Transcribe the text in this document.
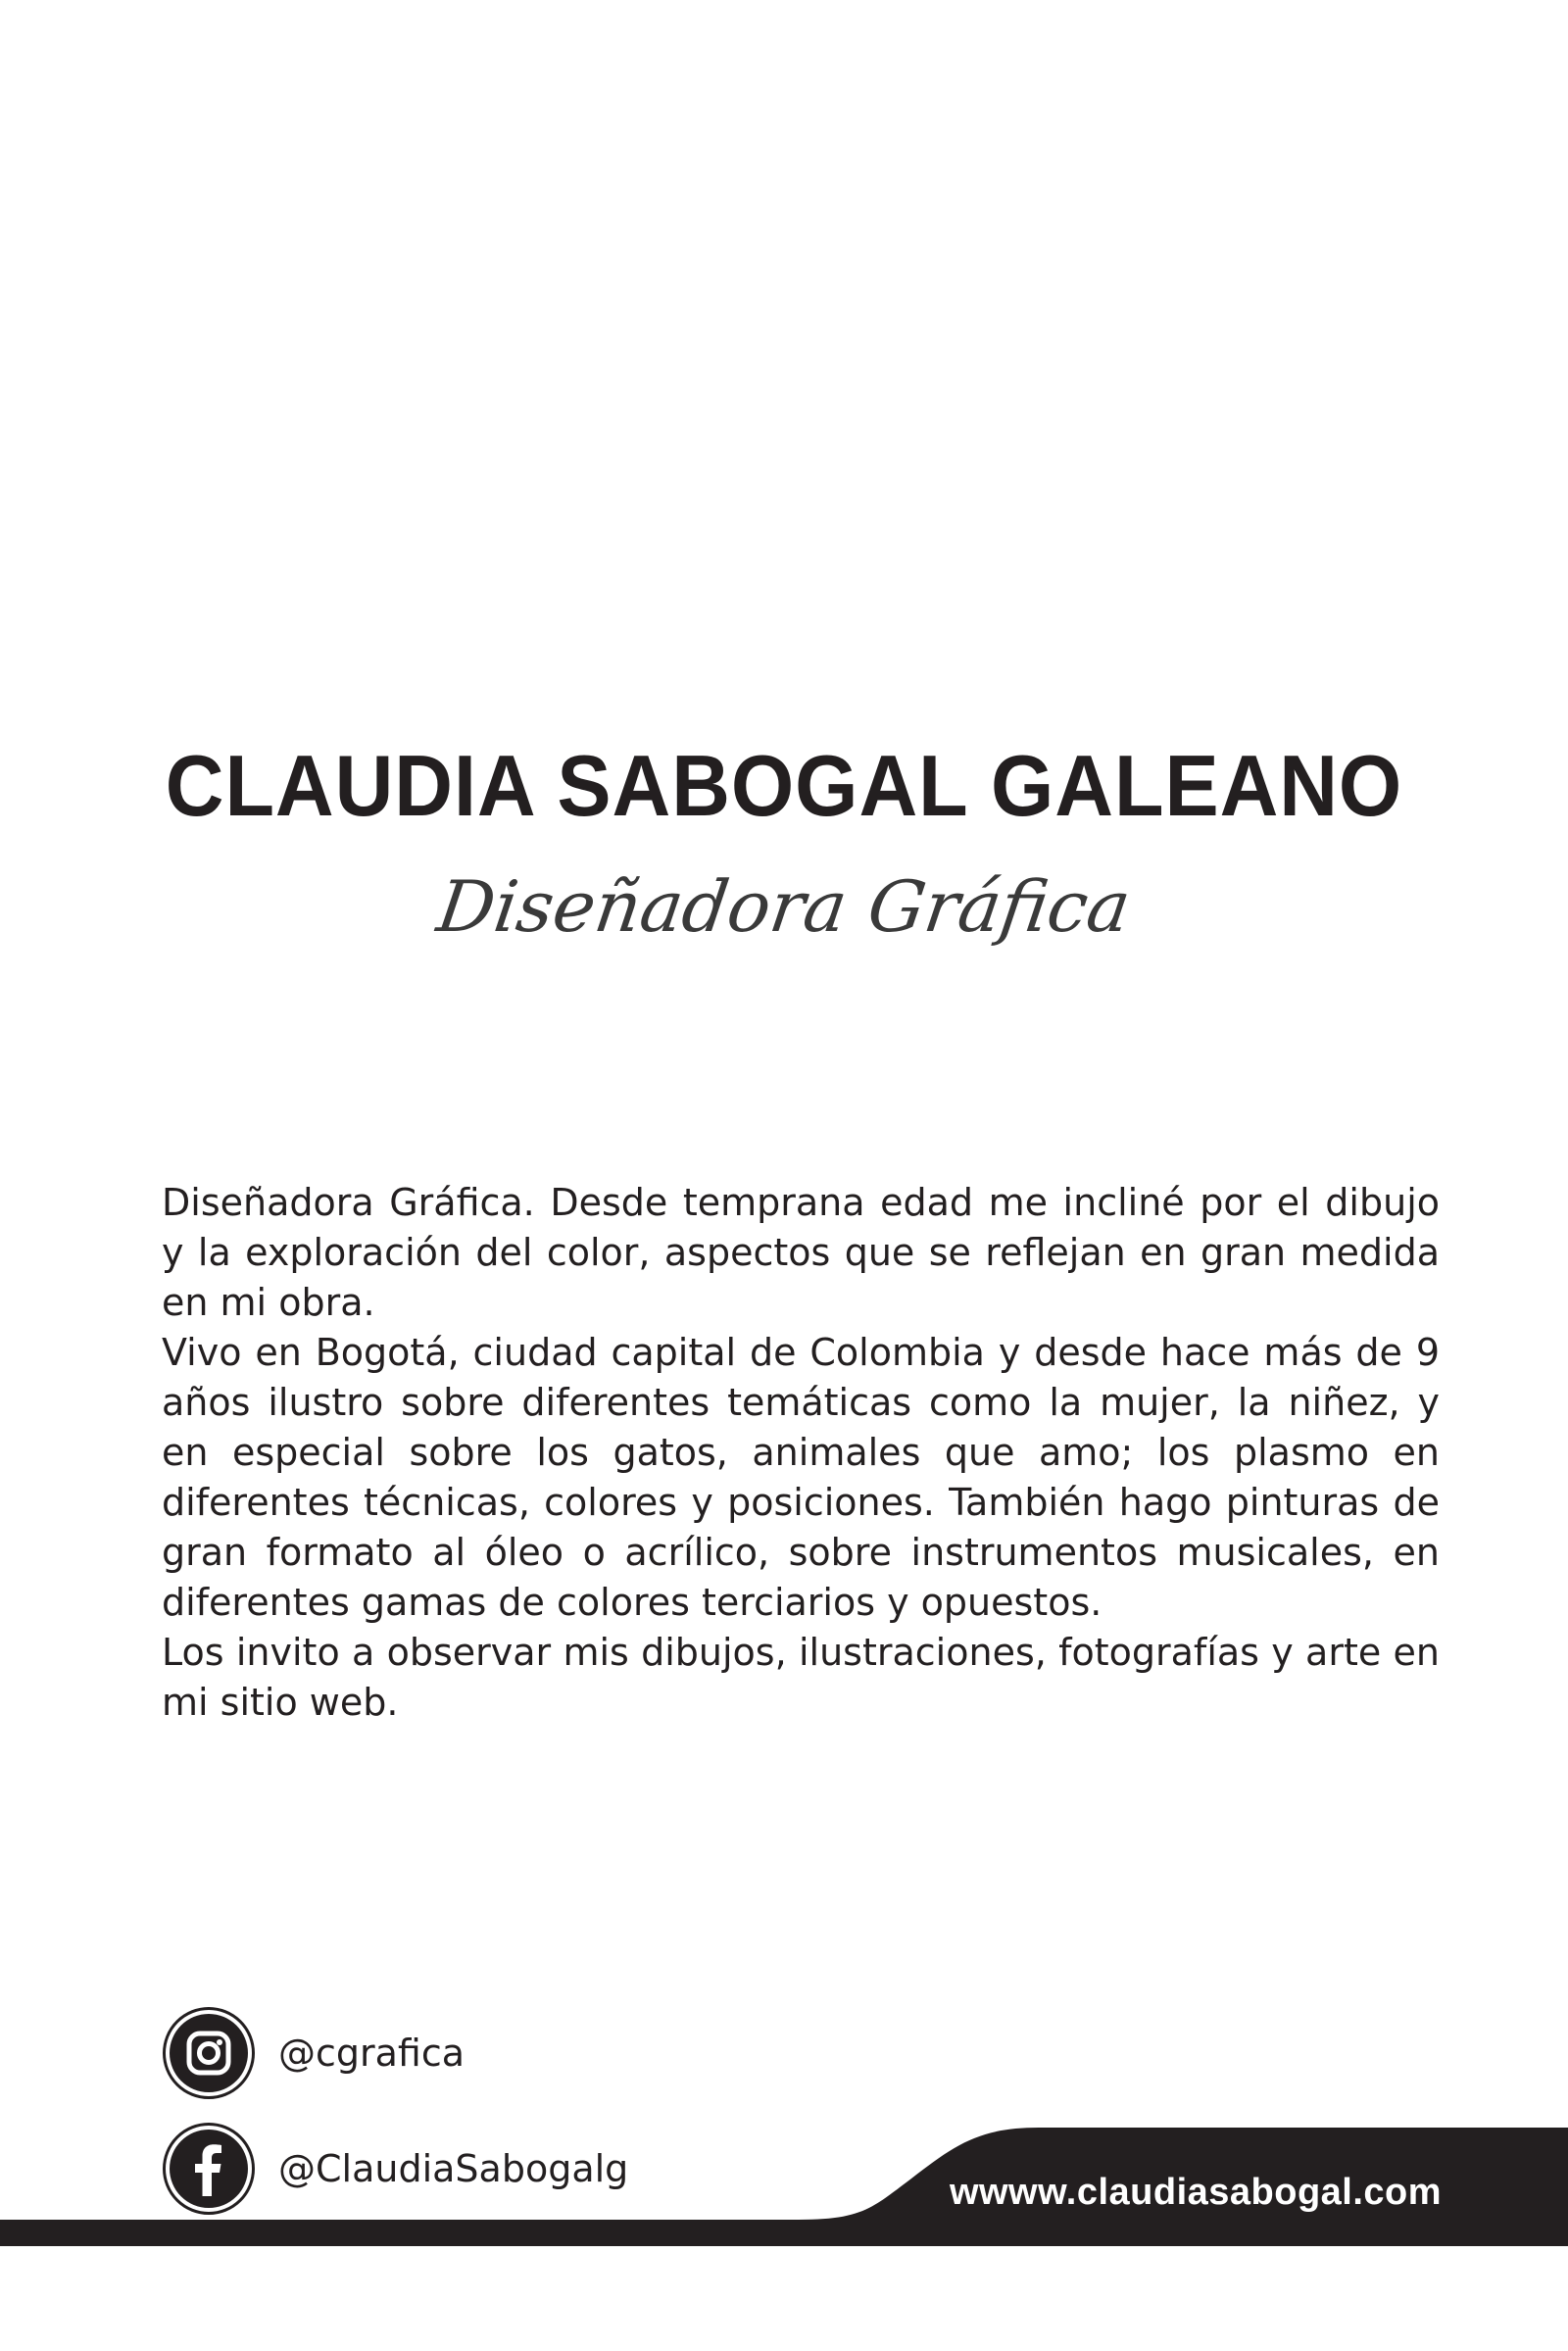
CLAUDIA SABOGAL GALEANO
Diseñadora Gráfica

Diseñadora Gráfica. Desde temprana edad me incliné por el dibujo y la exploración del color, aspectos que se reflejan en gran medida en mi obra.

Vivo en Bogotá, ciudad capital de Colombia y desde hace más de 9 años ilustro sobre diferentes temáticas como la mujer, la niñez, y en especial sobre los gatos, animales que amo; los plasmo en diferentes técnicas, colores y posiciones. También hago pinturas de gran formato al óleo o acrílico, sobre instrumentos musicales, en diferentes gamas de colores terciarios y opuestos.

Los invito a observar mis dibujos, ilustraciones, fotografías y arte en mi sitio web.

@cgrafica
@ClaudiaSabogalg
wwww.claudiasabogal.com
